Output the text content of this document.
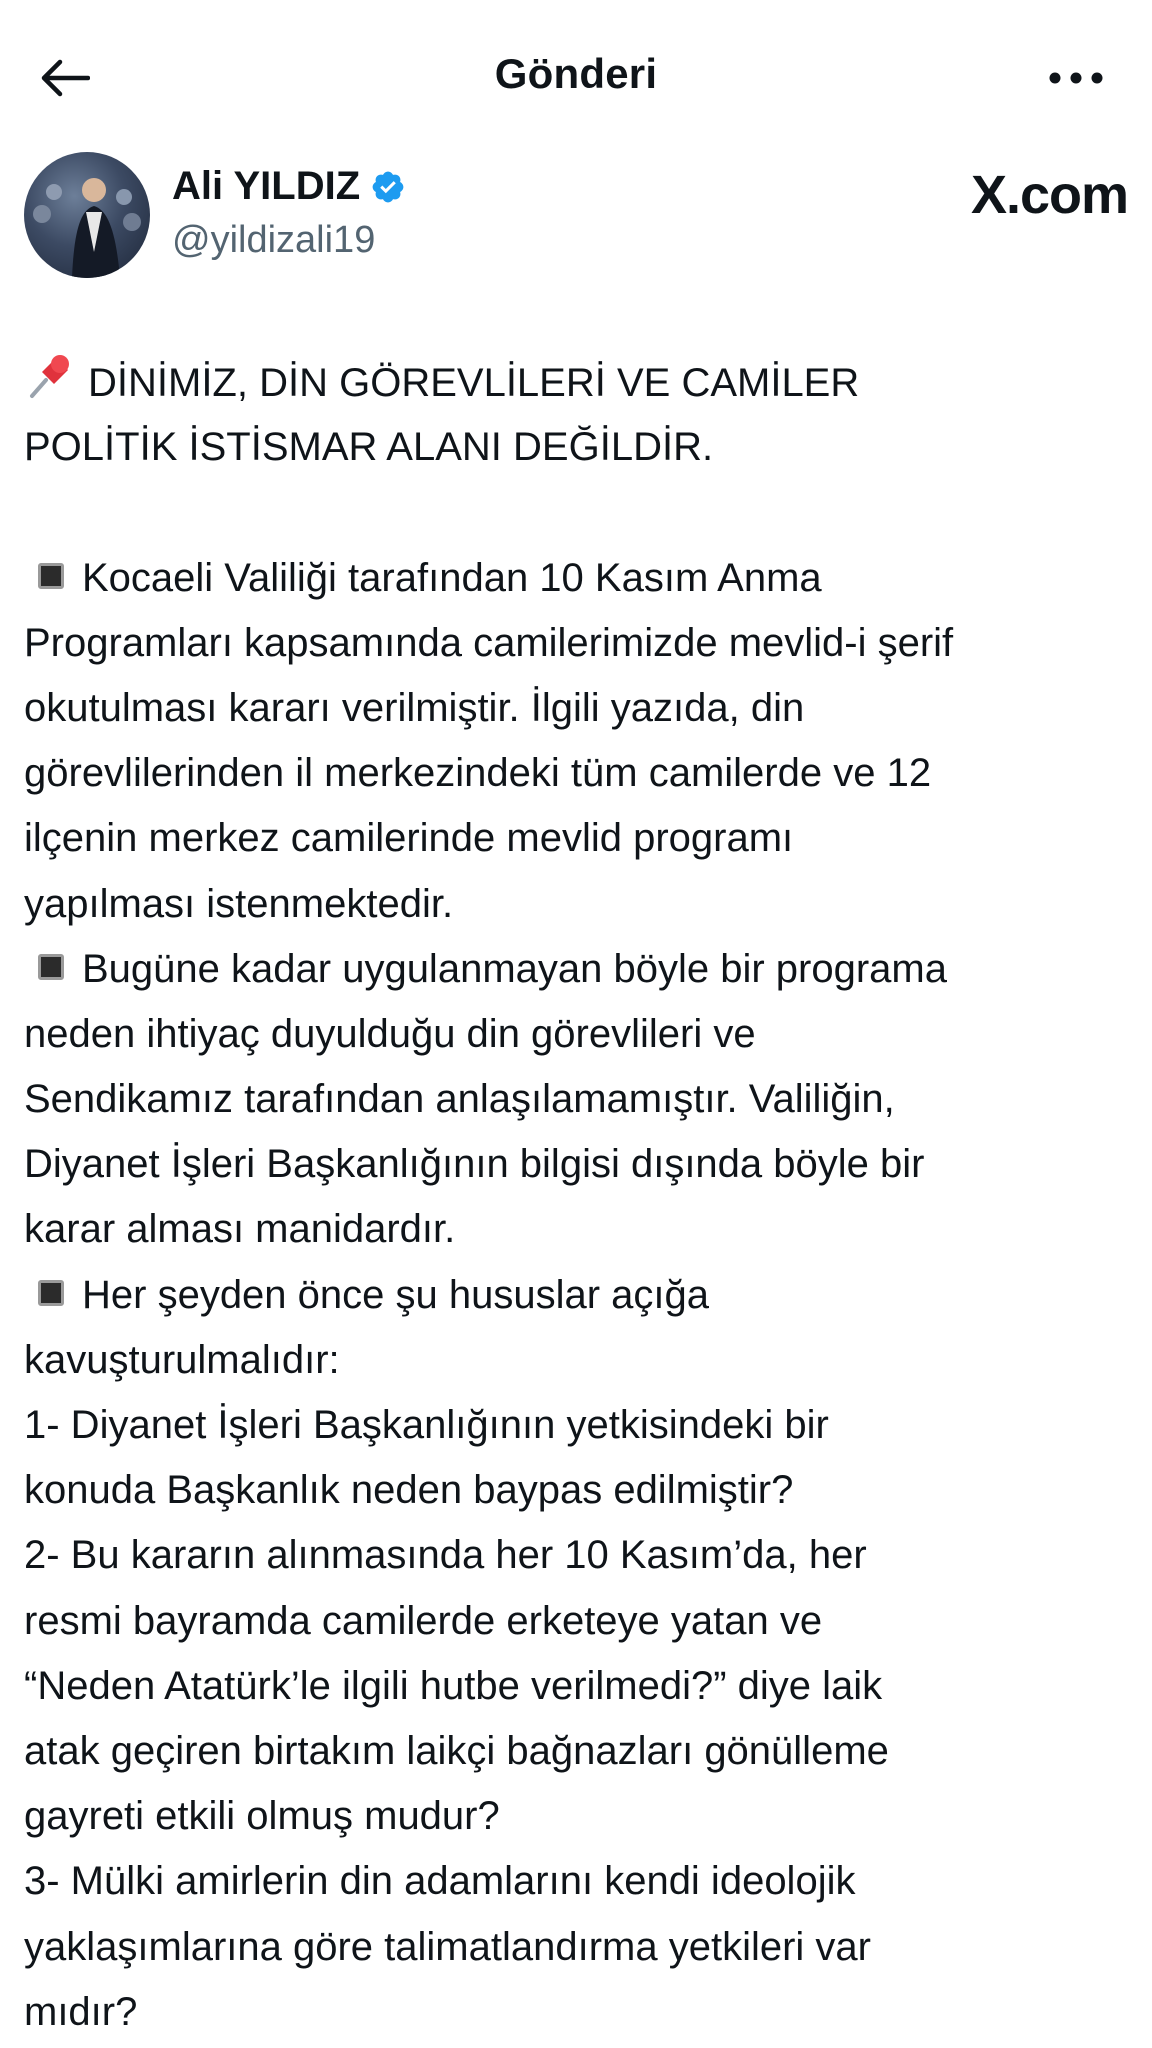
Gönderi
Ali YILDIZ
@yildizali19
X.com
DİNİMİZ, DİN GÖREVLİLERİ VE CAMİLER
POLİTİK İSTİSMAR ALANI DEĞİLDİR.
Kocaeli Valiliği tarafından 10 Kasım Anma
Programları kapsamında camilerimizde mevlid-i şerif
okutulması kararı verilmiştir. İlgili yazıda, din
görevlilerinden il merkezindeki tüm camilerde ve 12
ilçenin merkez camilerinde mevlid programı
yapılması istenmektedir.
Bugüne kadar uygulanmayan böyle bir programa
neden ihtiyaç duyulduğu din görevlileri ve
Sendikamız tarafından anlaşılamamıştır. Valiliğin,
Diyanet İşleri Başkanlığının bilgisi dışında böyle bir
karar alması manidardır.
Her şeyden önce şu hususlar açığa
kavuşturulmalıdır:
1- Diyanet İşleri Başkanlığının yetkisindeki bir
konuda Başkanlık neden baypas edilmiştir?
2- Bu kararın alınmasında her 10 Kasım’da, her
resmi bayramda camilerde erketeye yatan ve
“Neden Atatürk’le ilgili hutbe verilmedi?” diye laik
atak geçiren birtakım laikçi bağnazları gönülleme
gayreti etkili olmuş mudur?
3- Mülki amirlerin din adamlarını kendi ideolojik
yaklaşımlarına göre talimatlandırma yetkileri var
mıdır?
